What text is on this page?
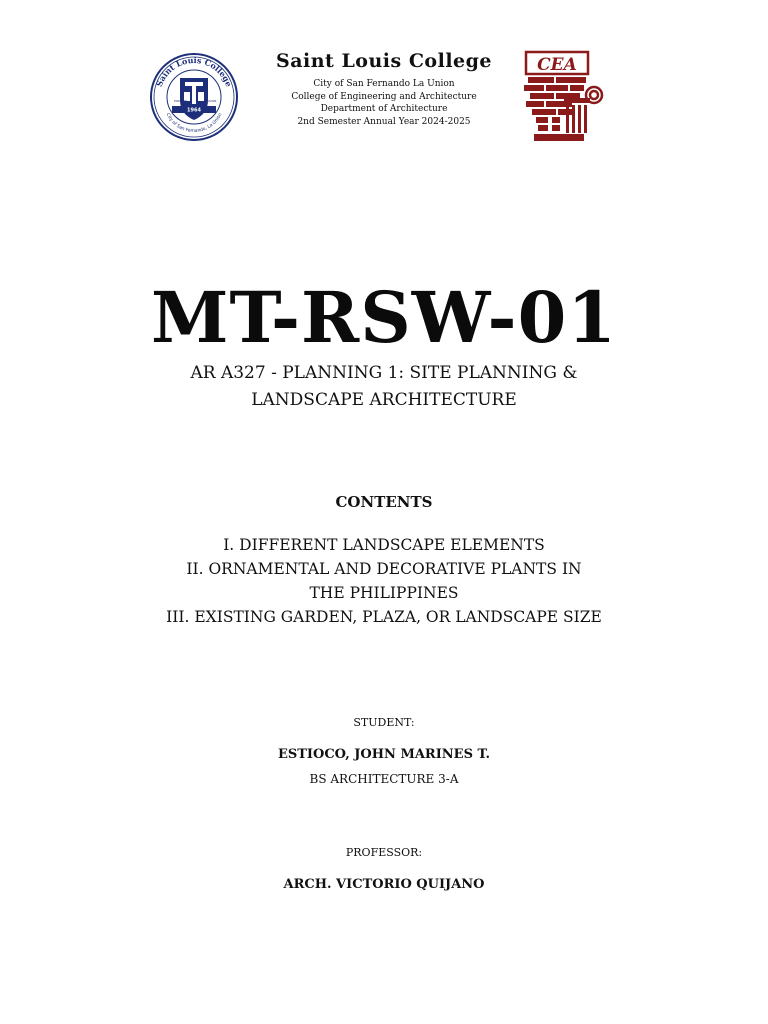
Saint Louis College
City of San Fernando, La Union
1964
MISSION	VISION
Saint Louis College
City of San Fernando La Union
College of Engineering and Architecture
Department of Architecture
2nd Semester Annual Year 2024-2025
CEA
MT-RSW-01
AR A327 - PLANNING 1: SITE PLANNING &
LANDSCAPE ARCHITECTURE
CONTENTS
I. DIFFERENT LANDSCAPE ELEMENTS
II. ORNAMENTAL AND DECORATIVE PLANTS IN
THE PHILIPPINES
III. EXISTING GARDEN, PLAZA, OR LANDSCAPE SIZE
STUDENT:
ESTIOCO, JOHN MARINES T.
BS ARCHITECTURE 3-A
PROFESSOR:
ARCH. VICTORIO QUIJANO
